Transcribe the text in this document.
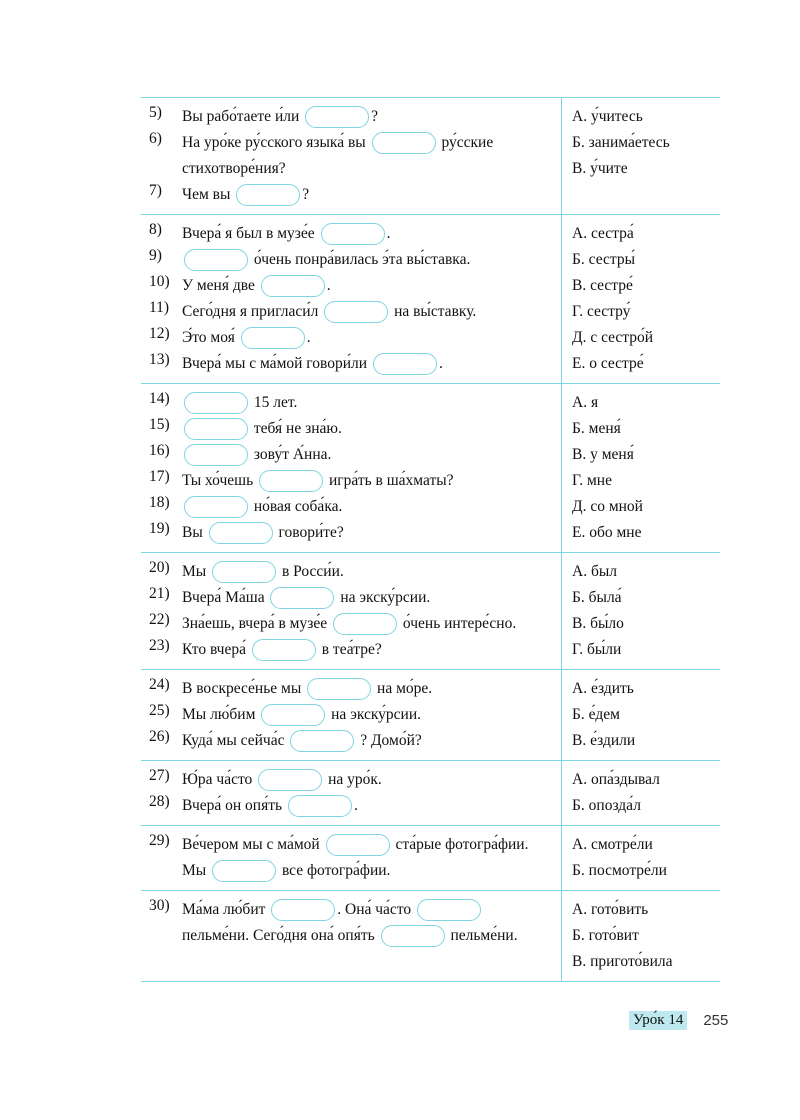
5)	Вы рабо́таете и́ли	?
6)	На уро́ке ру́сского языка́ вы	ру́сские
стихотворе́ния?
7)	Чем вы	?
А. у́читесь
Б. занима́етесь
В. у́чите
8)	Вчера́ я был в музе́е	.
9)	о́чень понра́вилась э́та вы́ставка.
10) У меня́ две	.
11) Сего́дня я пригласи́л	на вы́ставку.
12) Э́то моя́	.
13) Вчера́ мы с ма́мой говори́ли	.
А. сестра́
Б. сестры́
В. сестре́
Г. сестру́
Д. с сестро́й
Е. о сестре́
14)	15 лет.
15)	тебя́ не зна́ю.
16)	зову́т А́нна.
17) Ты хо́чешь	игра́ть в ша́хматы?
18)	но́вая соба́ка.
19) Вы	говори́те?
А. я
Б. меня́
В. у меня́
Г. мне
Д. со мной
Е. обо мне
20) Мы	в Росси́и.
21) Вчера́ Ма́ша	на экску́рсии.
22) Зна́ешь, вчера́ в музе́е	о́чень интере́сно.
23) Кто вчера́	в теа́тре?
А. был
Б. была́
В. бы́ло
Г. бы́ли
24) В воскресе́нье мы	на мо́ре.
25) Мы лю́бим	на экску́рсии.
26) Куда́ мы сейча́с	? Домо́й?
А. е́здить
Б. е́дем
В. е́здили
27) Ю́ра ча́сто	на уро́к.
28) Вчера́ он опя́ть	.
А. опа́здывал
Б. опозда́л
29) Ве́чером мы с ма́мой	ста́рые фотогра́фии.
Мы	все фотогра́фии.
А. смотре́ли
Б. посмотре́ли
30) Ма́ма лю́бит	. Она́ ча́сто
пельме́ни. Сего́дня она́ опя́ть	пельме́ни.
А. гото́вить
Б. гото́вит
В. пригото́вила
Уро́к 14 255
